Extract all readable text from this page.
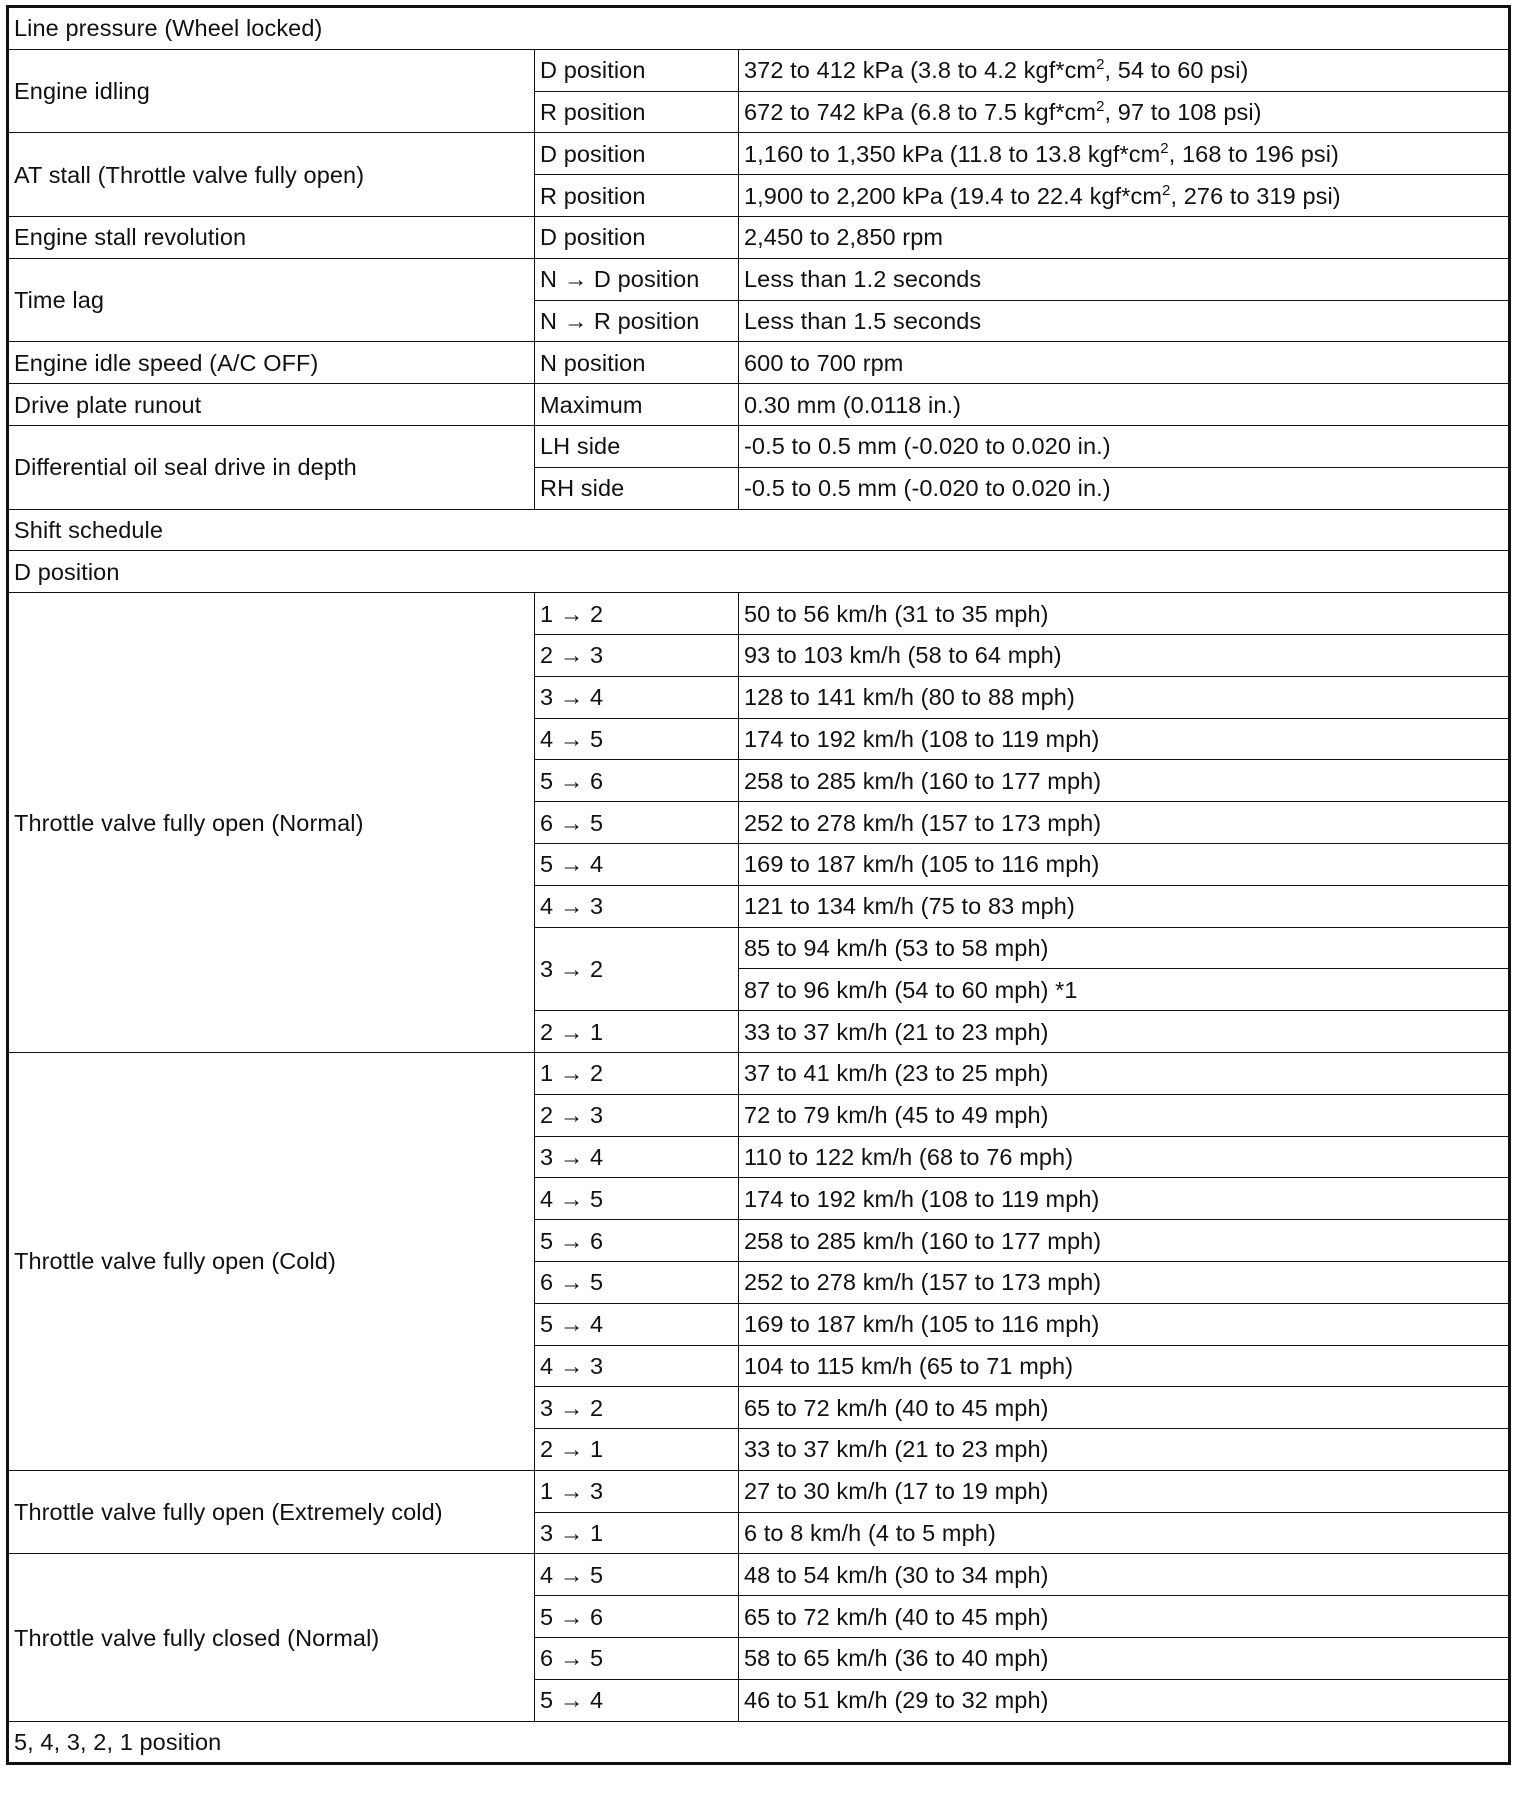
Line pressure (Wheel locked)		
Engine idling	D position	372 to 412 kPa (3.8 to 4.2 $kgf*cm^2$, 54 to 60 psi)
	R position	672 to 742 kPa (6.8 to 7.5 $kgf*cm^2$, 97 to 108 psi)
AT stall (Throttle valve fully open)	D position	1,160 to 1,350 kPa (11.8 to 13.8 $kgf*cm^2$, 168 to 196 psi)
	R position	1,900 to 2,200 kPa (19.4 to 22.4 $kgf*cm^2$, 276 to 319 psi)
Engine stall revolution	D position	2,450 to 2,850 rpm
Time lag	N → D position	Less than 1.2 seconds
	N → R position	Less than 1.5 seconds
Engine idle speed (A/C OFF)	N position	600 to 700 rpm
Drive plate runout	Maximum	0.30 mm (0.0118 in.)
Differential oil seal drive in depth	LH side	-0.5 to 0.5 mm (-0.020 to 0.020 in.)
	RH side	-0.5 to 0.5 mm (-0.020 to 0.020 in.)
Shift schedule		
D position		
Throttle valve fully open (Normal)	1 → 2	50 to 56 km/h (31 to 35 mph)
	2 → 3	93 to 103 km/h (58 to 64 mph)
	3 → 4	128 to 141 km/h (80 to 88 mph)
	4 → 5	174 to 192 km/h (108 to 119 mph)
	5 → 6	258 to 285 km/h (160 to 177 mph)
	6 → 5	252 to 278 km/h (157 to 173 mph)
	5 → 4	169 to 187 km/h (105 to 116 mph)
	4 → 3	121 to 134 km/h (75 to 83 mph)
	3 → 2	85 to 94 km/h (53 to 58 mph)
		87 to 96 km/h (54 to 60 mph) *1
	2 → 1	33 to 37 km/h (21 to 23 mph)
Throttle valve fully open (Cold)	1 → 2	37 to 41 km/h (23 to 25 mph)
	2 → 3	72 to 79 km/h (45 to 49 mph)
	3 → 4	110 to 122 km/h (68 to 76 mph)
	4 → 5	174 to 192 km/h (108 to 119 mph)
	5 → 6	258 to 285 km/h (160 to 177 mph)
	6 → 5	252 to 278 km/h (157 to 173 mph)
	5 → 4	169 to 187 km/h (105 to 116 mph)
	4 → 3	104 to 115 km/h (65 to 71 mph)
	3 → 2	65 to 72 km/h (40 to 45 mph)
	2 → 1	33 to 37 km/h (21 to 23 mph)
Throttle valve fully open (Extremely cold)	1 → 3	27 to 30 km/h (17 to 19 mph)
	3 → 1	6 to 8 km/h (4 to 5 mph)
Throttle valve fully closed (Normal)	4 → 5	48 to 54 km/h (30 to 34 mph)
	5 → 6	65 to 72 km/h (40 to 45 mph)
	6 → 5	58 to 65 km/h (36 to 40 mph)
	5 → 4	46 to 51 km/h (29 to 32 mph)
5, 4, 3, 2, 1 position		
